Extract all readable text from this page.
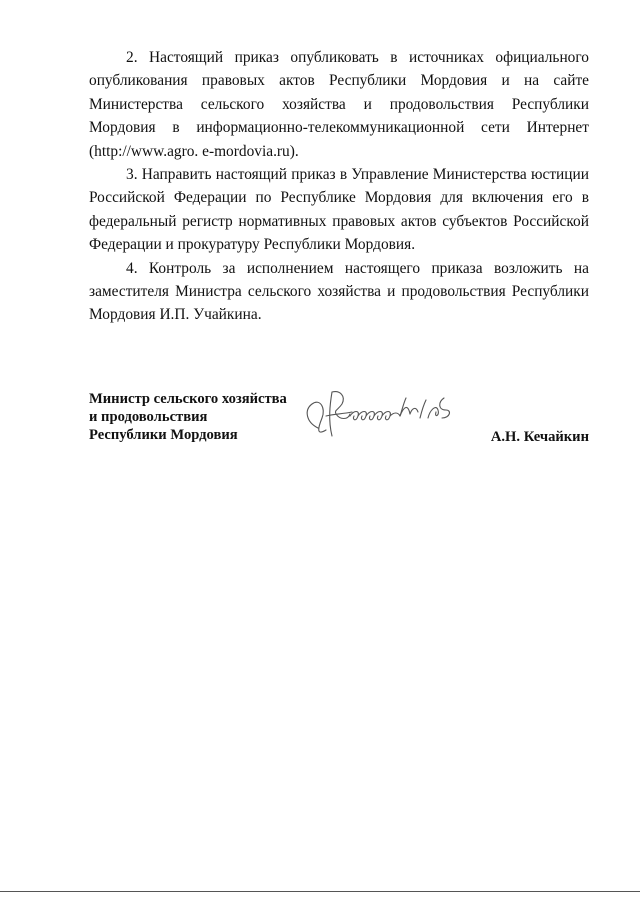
2. Настоящий приказ опубликовать в источниках официального опубликования правовых актов Республики Мордовия и на сайте Министерства сельского хозяйства и продовольствия Республики Мордовия в информационно-телекоммуникационной сети Интернет (http://www.agro. e-mordovia.ru).

3. Направить настоящий приказ в Управление Министерства юстиции Российской Федерации по Республике Мордовия для включения его в федеральный регистр нормативных правовых актов субъектов Российской Федерации и прокуратуру Республики Мордовия.

4. Контроль за исполнением настоящего приказа возложить на заместителя Министра сельского хозяйства и продовольствия Республики Мордовия И.П. Учайкина.

Министр сельского хозяйства
и продовольствия
Республики Мордовия	А.Н. Кечайкин
